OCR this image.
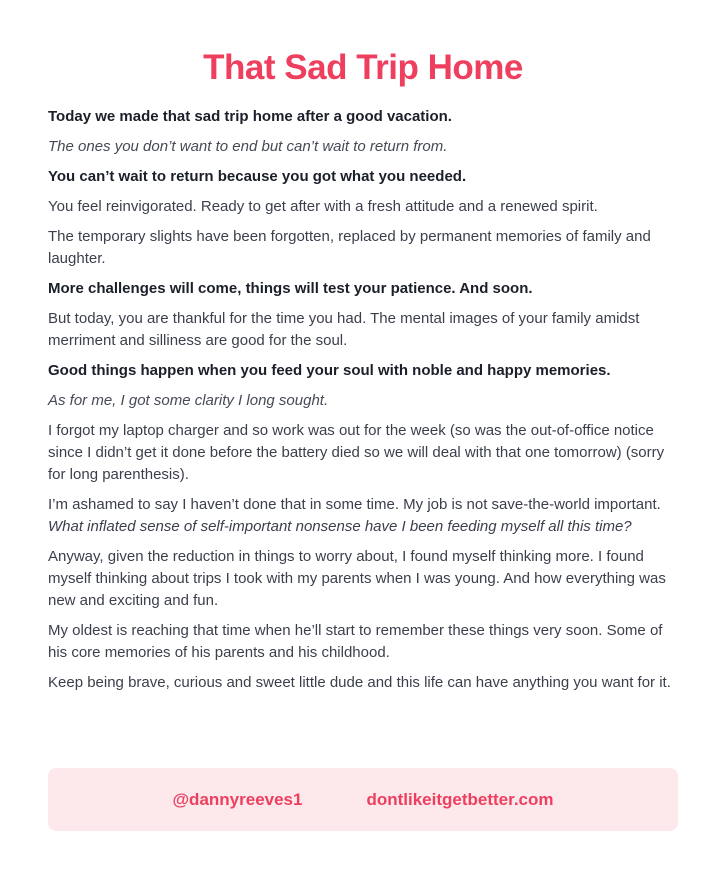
That Sad Trip Home

Today we made that sad trip home after a good vacation.

The ones you don’t want to end but can’t wait to return from.

You can’t wait to return because you got what you needed.

You feel reinvigorated. Ready to get after with a fresh attitude and a renewed spirit.

The temporary slights have been forgotten, replaced by permanent memories of family and laughter.

More challenges will come, things will test your patience. And soon.

But today, you are thankful for the time you had. The mental images of your family amidst merriment and silliness are good for the soul.

Good things happen when you feed your soul with noble and happy memories.

As for me, I got some clarity I long sought.

I forgot my laptop charger and so work was out for the week (so was the out-of-office notice since I didn’t get it done before the battery died so we will deal with that one tomorrow) (sorry for long parenthesis).

I’m ashamed to say I haven’t done that in some time. My job is not save-the-world important. What inflated sense of self-important nonsense have I been feeding myself all this time?

Anyway, given the reduction in things to worry about, I found myself thinking more. I found myself thinking about trips I took with my parents when I was young. And how everything was new and exciting and fun.

My oldest is reaching that time when he’ll start to remember these things very soon. Some of his core memories of his parents and his childhood.

Keep being brave, curious and sweet little dude and this life can have anything you want for it.

@dannyreeves1	dontlikeitgetbetter.com
